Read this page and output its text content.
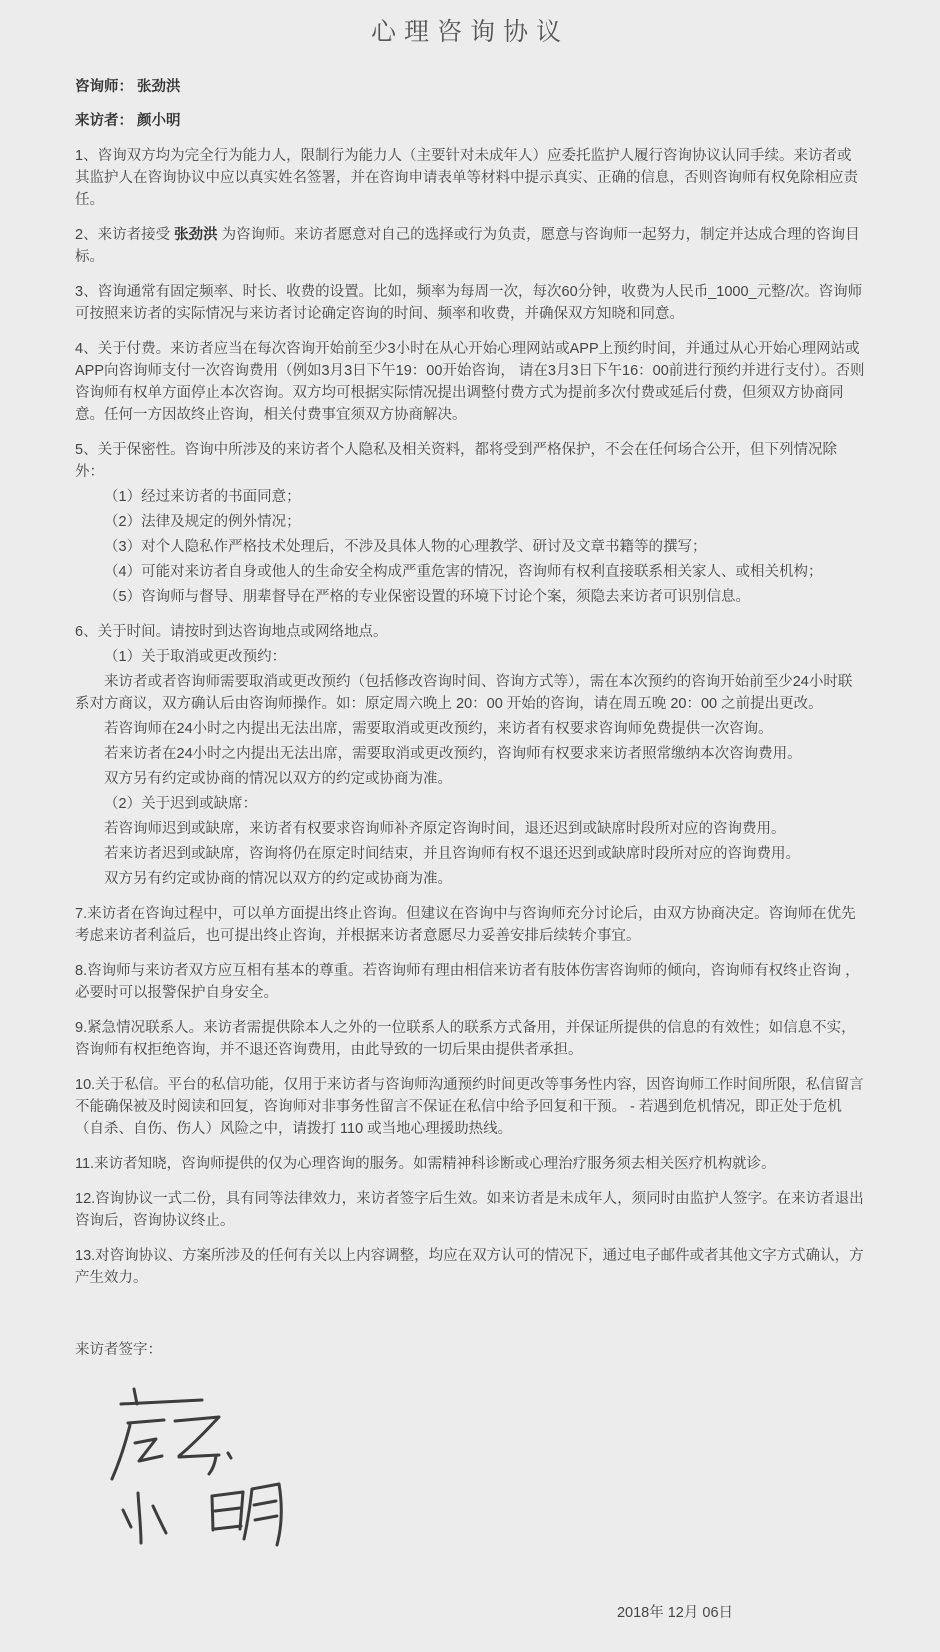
心理咨询协议

咨询师： 张劲洪

来访者： 颜小明

1、咨询双方均为完全行为能力人，限制行为能力人（主要针对未成年人）应委托监护人履行咨询协议认同手续。来访者或其监护人在咨询协议中应以真实姓名签署，并在咨询申请表单等材料中提示真实、正确的信息，否则咨询师有权免除相应责任。

2、来访者接受 张劲洪 为咨询师。来访者愿意对自己的选择或行为负责，愿意与咨询师一起努力，制定并达成合理的咨询目标。

3、咨询通常有固定频率、时长、收费的设置。比如，频率为每周一次，每次60分钟，收费为人民币_1000_元整/次。咨询师可按照来访者的实际情况与来访者讨论确定咨询的时间、频率和收费，并确保双方知晓和同意。

4、关于付费。来访者应当在每次咨询开始前至少3小时在从心开始心理网站或APP上预约时间，并通过从心开始心理网站或APP向咨询师支付一次咨询费用（例如3月3日下午19：00开始咨询， 请在3月3日下午16：00前进行预约并进行支付）。否则咨询师有权单方面停止本次咨询。双方均可根据实际情况提出调整付费方式为提前多次付费或延后付费，但须双方协商同意。任何一方因故终止咨询，相关付费事宜须双方协商解决。

5、关于保密性。咨询中所涉及的来访者个人隐私及相关资料，都将受到严格保护，不会在任何场合公开，但下列情况除外：

（1）经过来访者的书面同意；

（2）法律及规定的例外情况；

（3）对个人隐私作严格技术处理后，不涉及具体人物的心理教学、研讨及文章书籍等的撰写；

（4）可能对来访者自身或他人的生命安全构成严重危害的情况，咨询师有权利直接联系相关家人、或相关机构；

（5）咨询师与督导、朋辈督导在严格的专业保密设置的环境下讨论个案，须隐去来访者可识别信息。

6、关于时间。请按时到达咨询地点或网络地点。

（1）关于取消或更改预约：

来访者或者咨询师需要取消或更改预约（包括修改咨询时间、咨询方式等），需在本次预约的咨询开始前至少24小时联系对方商议，双方确认后由咨询师操作。如：原定周六晚上 20：00 开始的咨询，请在周五晚 20：00 之前提出更改。

若咨询师在24小时之内提出无法出席，需要取消或更改预约，来访者有权要求咨询师免费提供一次咨询。

若来访者在24小时之内提出无法出席，需要取消或更改预约，咨询师有权要求来访者照常缴纳本次咨询费用。

双方另有约定或协商的情况以双方的约定或协商为准。

（2）关于迟到或缺席：

若咨询师迟到或缺席，来访者有权要求咨询师补齐原定咨询时间，退还迟到或缺席时段所对应的咨询费用。

若来访者迟到或缺席，咨询将仍在原定时间结束，并且咨询师有权不退还迟到或缺席时段所对应的咨询费用。

双方另有约定或协商的情况以双方的约定或协商为准。

7.来访者在咨询过程中，可以单方面提出终止咨询。但建议在咨询中与咨询师充分讨论后，由双方协商决定。咨询师在优先考虑来访者利益后，也可提出终止咨询，并根据来访者意愿尽力妥善安排后续转介事宜。

8.咨询师与来访者双方应互相有基本的尊重。若咨询师有理由相信来访者有肢体伤害咨询师的倾向，咨询师有权终止咨询 ，必要时可以报警保护自身安全。

9.紧急情况联系人。来访者需提供除本人之外的一位联系人的联系方式备用，并保证所提供的信息的有效性；如信息不实，咨询师有权拒绝咨询，并不退还咨询费用，由此导致的一切后果由提供者承担。

10.关于私信。平台的私信功能，仅用于来访者与咨询师沟通预约时间更改等事务性内容，因咨询师工作时间所限，私信留言不能确保被及时阅读和回复，咨询师对非事务性留言不保证在私信中给予回复和干预。 - 若遇到危机情况，即正处于危机（自杀、自伤、伤人）风险之中，请拨打 110 或当地心理援助热线。

11.来访者知晓，咨询师提供的仅为心理咨询的服务。如需精神科诊断或心理治疗服务须去相关医疗机构就诊。

12.咨询协议一式二份，具有同等法律效力，来访者签字后生效。如来访者是未成年人，须同时由监护人签字。在来访者退出咨询后，咨询协议终止。

13.对咨询协议、方案所涉及的任何有关以上内容调整，均应在双方认可的情况下，通过电子邮件或者其他文字方式确认，方产生效力。

来访者签字：

2018年 12月 06日
